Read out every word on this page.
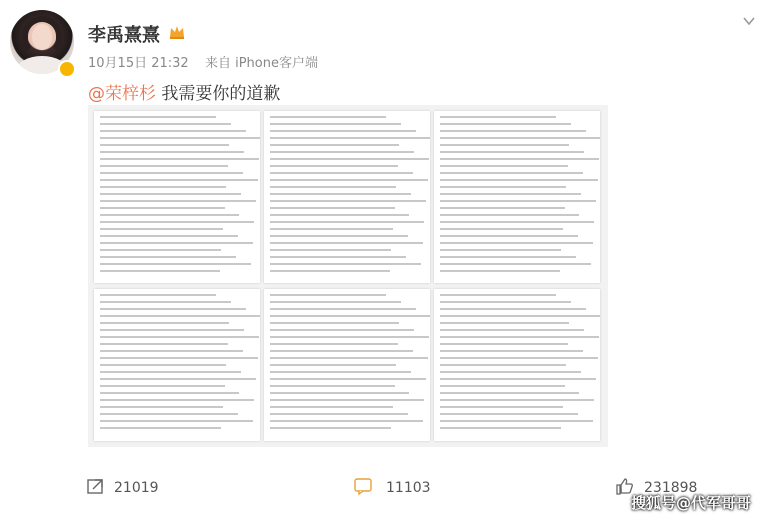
李禹熹熹
10月15日 21:32 来自 iPhone客户端
@荣梓杉 我需要你的道歉
21019	11103	231898
搜狐号@代军哥哥
